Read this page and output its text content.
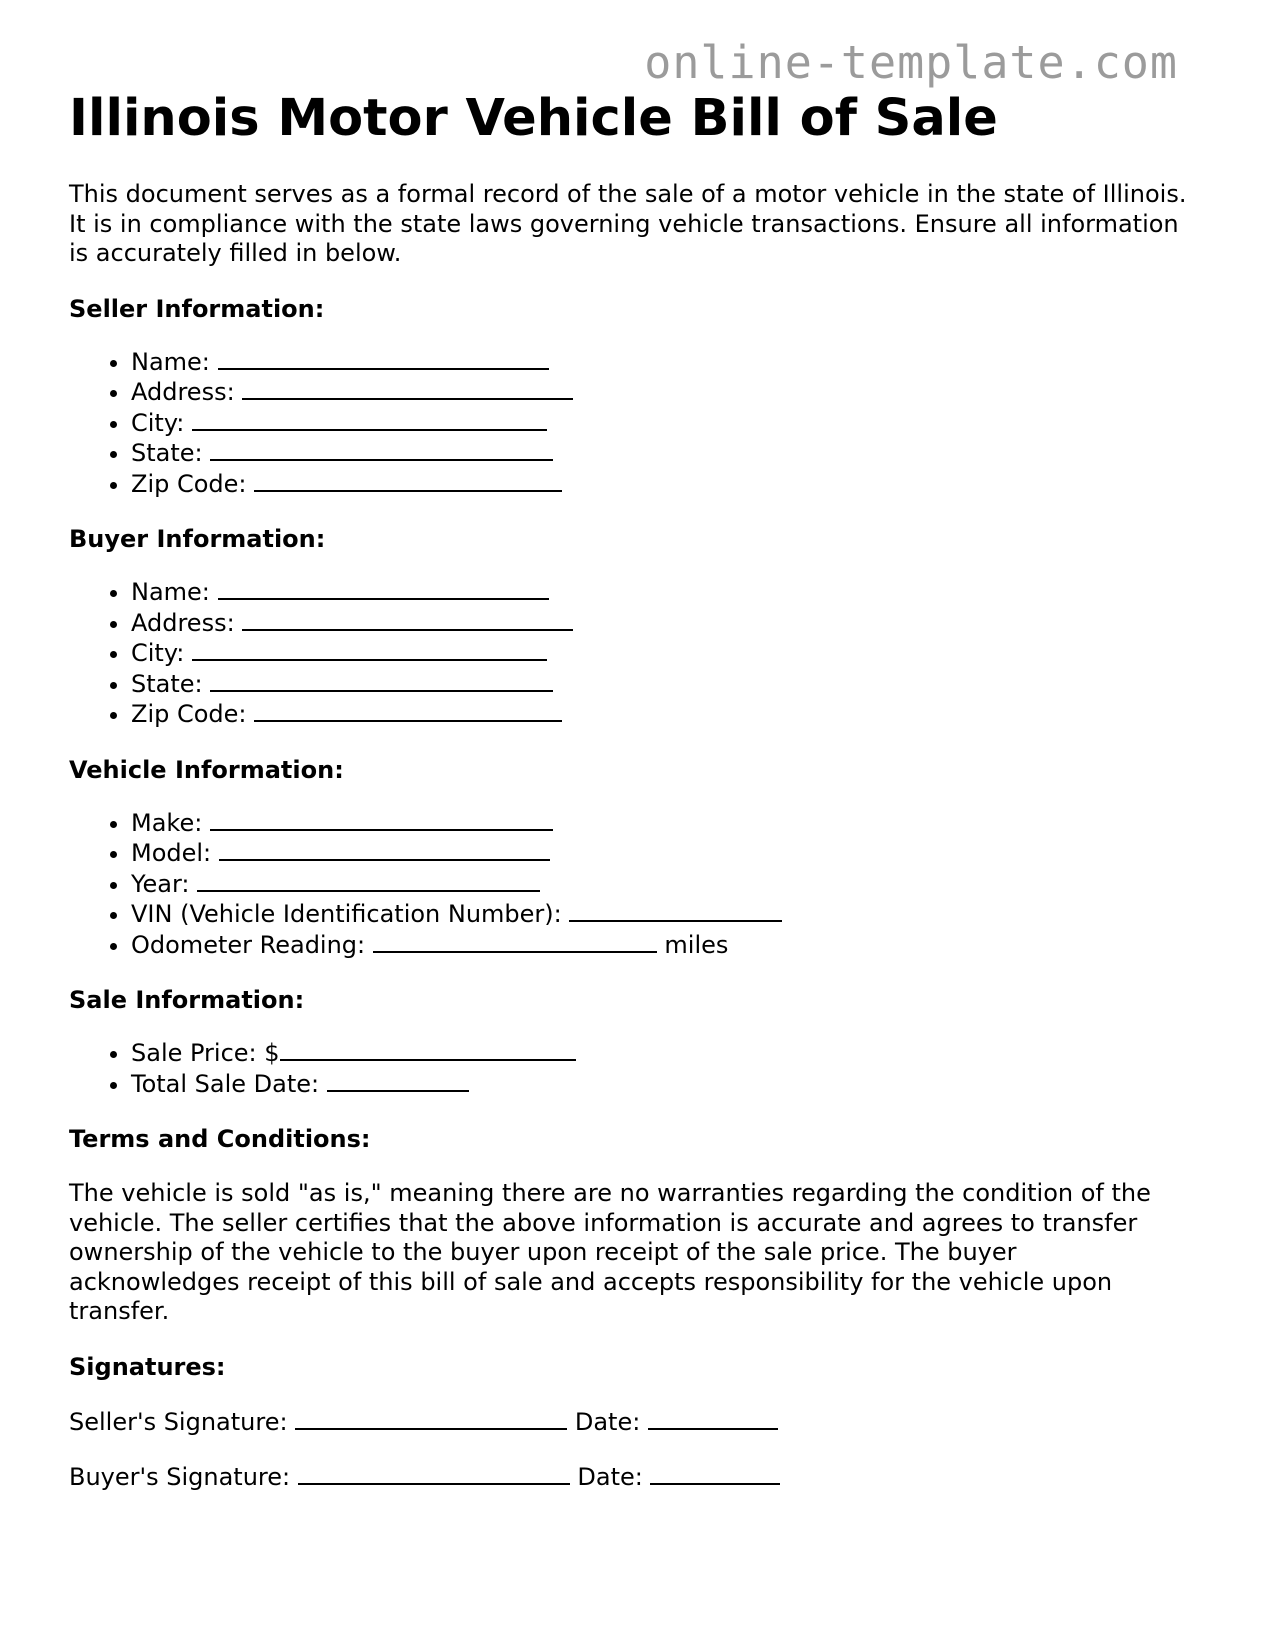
online-template.com
Illinois Motor Vehicle Bill of Sale

This document serves as a formal record of the sale of a motor vehicle in the state of Illinois. It is in compliance with the state laws governing vehicle transactions. Ensure all information is accurately filled in below.

Seller Information:
• Name:
• Address:
• City:
• State:
• Zip Code:
Buyer Information:
• Name:
• Address:
• City:
• State:
• Zip Code:
Vehicle Information:
• Make:
• Model:
• Year:
• VIN (Vehicle Identification Number):
• Odometer Reading:	miles
Sale Information:
• Sale Price: $
• Total Sale Date:
Terms and Conditions:

The vehicle is sold "as is," meaning there are no warranties regarding the condition of the vehicle. The seller certifies that the above information is accurate and agrees to transfer ownership of the vehicle to the buyer upon receipt of the sale price. The buyer acknowledges receipt of this bill of sale and accepts responsibility for the vehicle upon transfer.

Signatures:

Seller's Signature:	Date:

Buyer's Signature:	Date:
